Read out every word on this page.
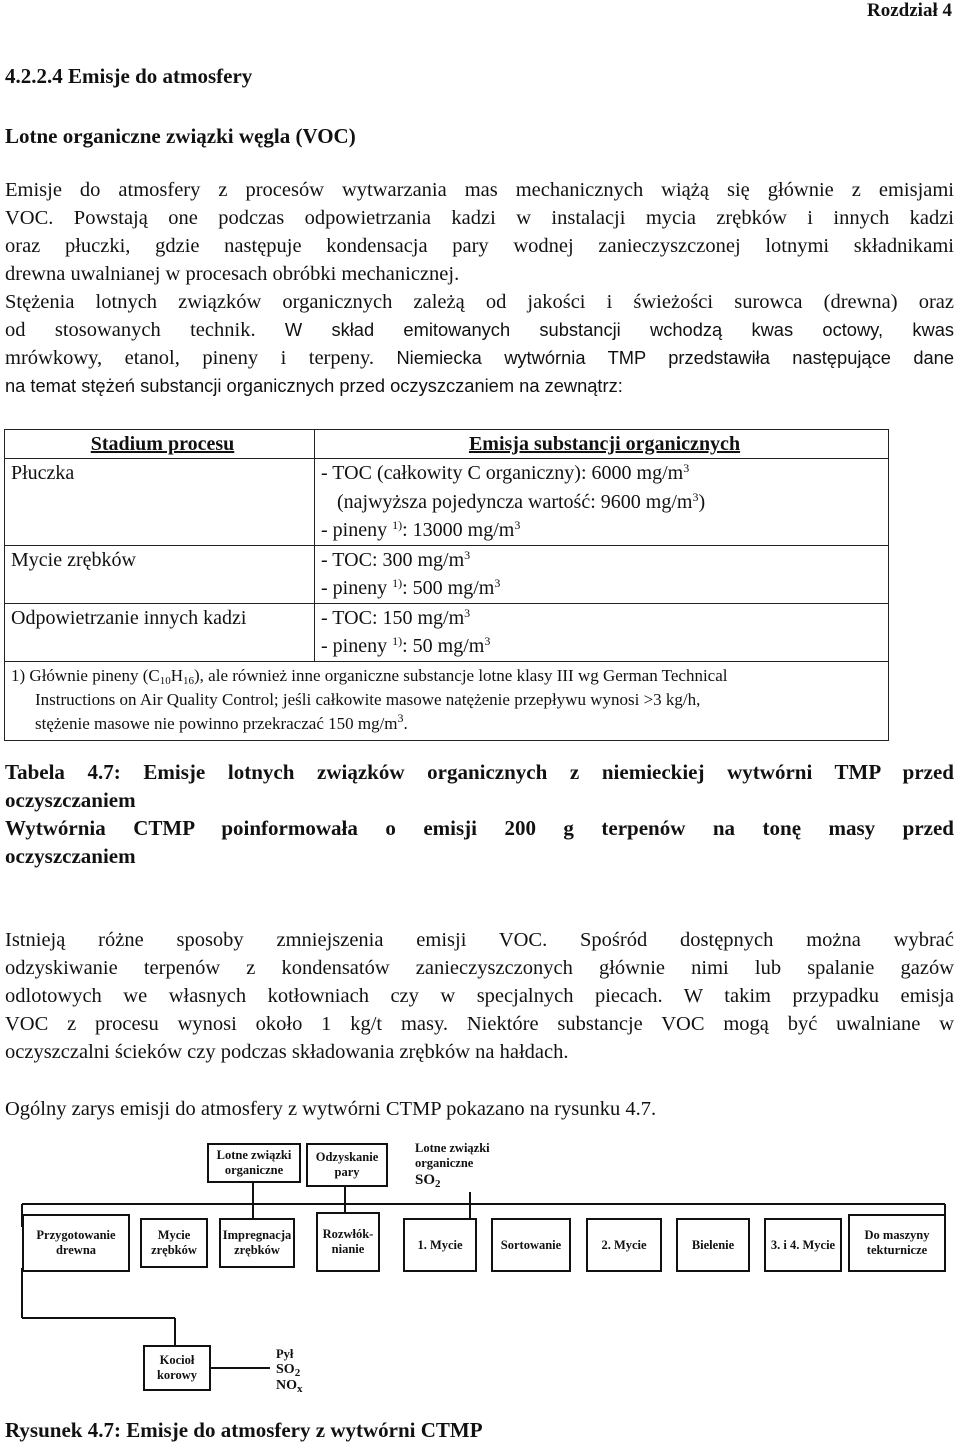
Rozdział 4
4.2.2.4 Emisje do atmosfery
Lotne organiczne związki węgla (VOC)
Emisje do atmosfery z procesów wytwarzania mas mechanicznych wiążą się głównie z emisjami
VOC. Powstają one podczas odpowietrzania kadzi w instalacji mycia zrębków i innych kadzi
oraz płuczki, gdzie następuje kondensacja pary wodnej zanieczyszczonej lotnymi składnikami
drewna uwalnianej w procesach obróbki mechanicznej.
Stężenia lotnych związków organicznych zależą od jakości i świeżości surowca (drewna) oraz
od stosowanych technik. W skład emitowanych substancji wchodzą kwas octowy, kwas
mrówkowy, etanol, pineny i terpeny. Niemiecka wytwórnia TMP przedstawiła następujące dane
na temat stężeń substancji organicznych przed oczyszczaniem na zewnątrz:
Stadium procesu	Emisja substancji organicznych

Płuczka	- TOC (całkowity C organiczny): 6000 $mg/m^3$
(najwyższa pojedyncza wartość: 9600 $mg/m^3$)
- pineny $^{1)}$: 13000 $mg/m^3$

Mycie zrębków	- TOC: 300 $mg/m^3$
- pineny $^{1)}$: 500 $mg/m^3$

Odpowietrzanie innych kadzi	- TOC: 150 $mg/m^3$
- pineny $^{1)}$: 50 $mg/m^3$

1) Głównie pineny $(C_{10}H_{16})$, ale również inne organiczne substancje lotne klasy III wg German Technical
Instructions on Air Quality Control; jeśli całkowite masowe natężenie przepływu wynosi >3 kg/h,
stężenie masowe nie powinno przekraczać 150 $mg/m^3$.	
Tabela 4.7: Emisje lotnych związków organicznych z niemieckiej wytwórni TMP przed
oczyszczaniem
Wytwórnia CTMP poinformowała o emisji 200 g terpenów na tonę masy przed
oczyszczaniem
Istnieją różne sposoby zmniejszenia emisji VOC. Spośród dostępnych można wybrać
odzyskiwanie terpenów z kondensatów zanieczyszczonych głównie nimi lub spalanie gazów
odlotowych we własnych kotłowniach czy w specjalnych piecach. W takim przypadku emisja
VOC z procesu wynosi około 1 kg/t masy. Niektóre substancje VOC mogą być uwalniane w
oczyszczalni ścieków czy podczas składowania zrębków na hałdach.
Ogólny zarys emisji do atmosfery z wytwórni CTMP pokazano na rysunku 4.7.
Lotne związki organiczne
Odzyskanie pary
Lotne związki organiczne
$SO_2$
Przygotowanie drewna
Mycie zrębków
Impregnacja zrębków
Rozwłók-nianie	1. Mycie	Sortowanie	2. Mycie	Bielenie	3. i 4. Mycie
Do maszyny tekturnicze
Kocioł korowy
Pył
$SO_2$
$NO_x$
Rysunek 4.7: Emisje do atmosfery z wytwórni CTMP
